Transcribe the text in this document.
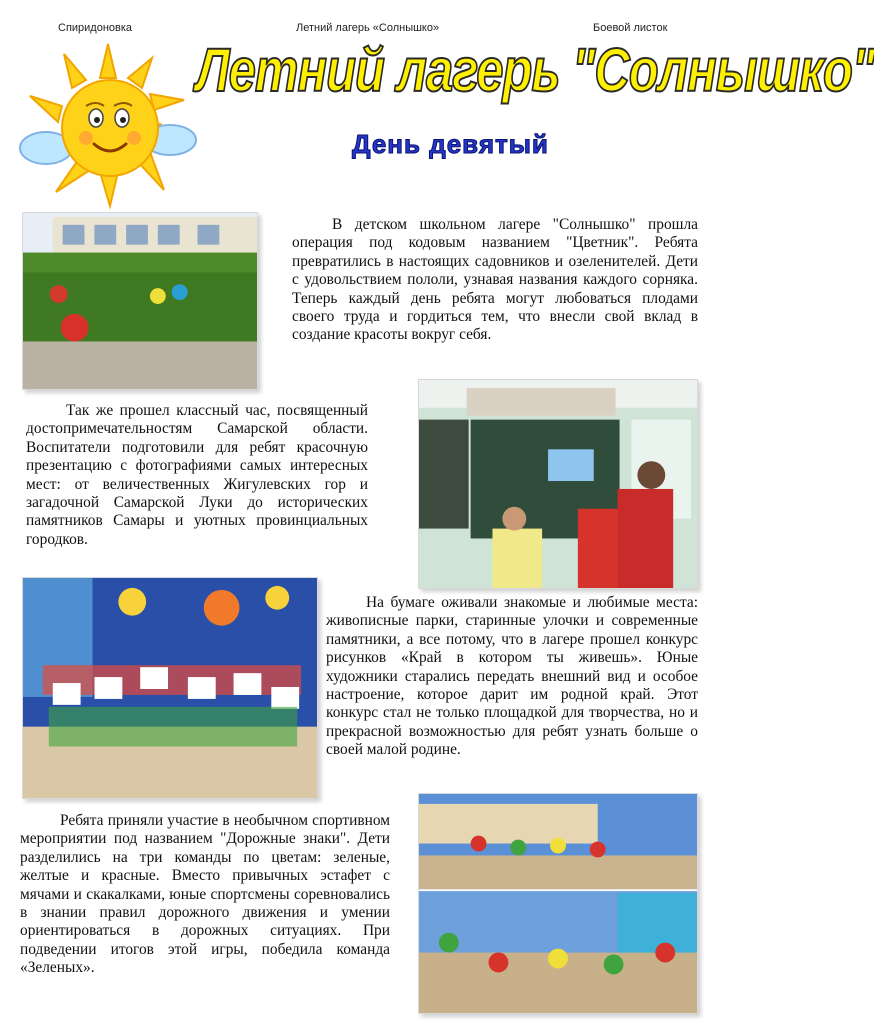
Спиридоновка	Летний лагерь «Солнышко»	Боевой листок
Летний лагерь "Солнышко"
День девятый
В детском школьном лагере "Солнышко" прошла операция под кодовым названием "Цветник". Ребята превратились в настоящих садовников и озеленителей. Дети с удовольствием пололи, узнавая названия каждого сорняка. Теперь каждый день ребята могут любоваться плодами своего труда и гордиться тем, что внесли свой вклад в создание красоты вокруг себя.
Так же прошел классный час, посвященный достопримечательностям Самарской области. Воспитатели подготовили для ребят красочную презентацию с фотографиями самых интересных мест: от величественных Жигулевских гор и загадочной Самарской Луки до исторических памятников Самары и уютных провинциальных городков.
На бумаге оживали знакомые и любимые места: живописные парки, старинные улочки и современные памятники, а все потому, что в лагере прошел конкурс рисунков «Край в котором ты живешь». Юные художники старались передать внешний вид и особое настроение, которое дарит им родной край. Этот конкурс стал не только площадкой для творчества, но и прекрасной возможностью для ребят узнать больше о своей малой родине.
Ребята приняли участие в необычном спортивном мероприятии под названием "Дорожные знаки". Дети разделились на три команды по цветам: зеленые, желтые и красные. Вместо привычных эстафет с мячами и скакалками, юные спортсмены соревновались в знании правил дорожного движения и умении ориентироваться в дорожных ситуациях. При подведении итогов этой игры, победила команда «Зеленых».
